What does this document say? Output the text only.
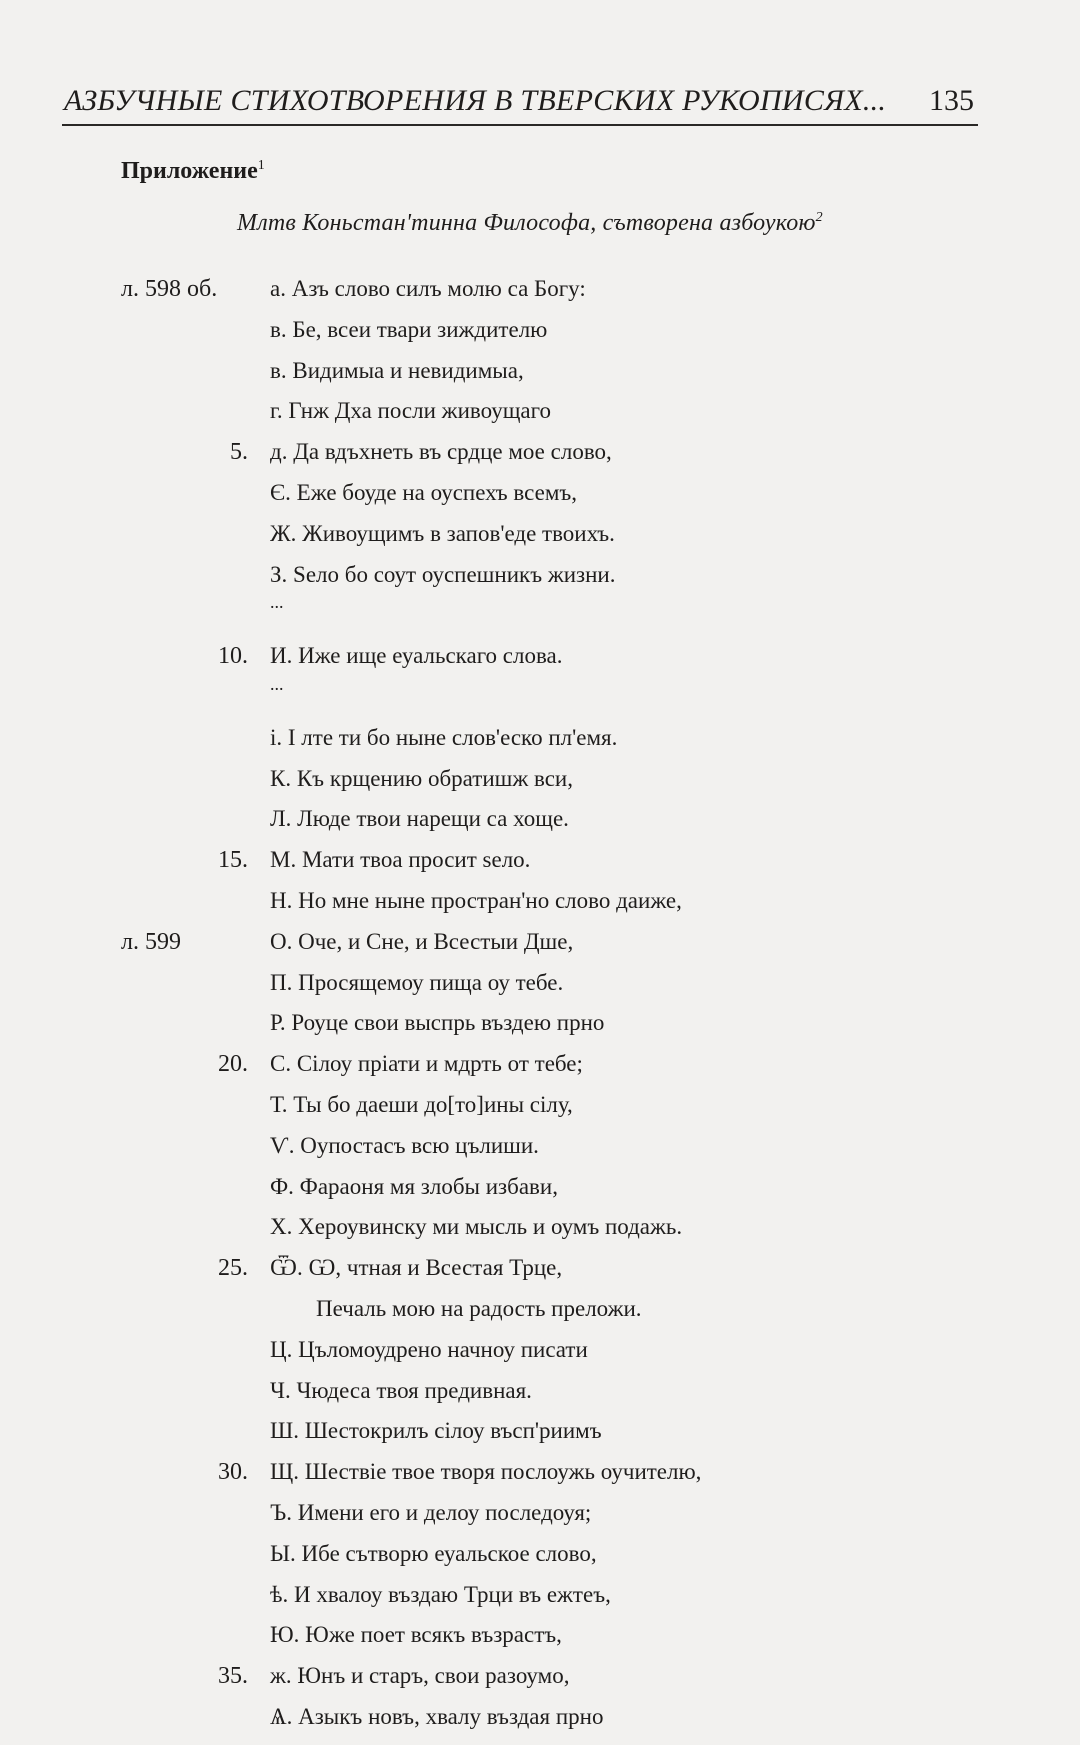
АЗБУЧНЫЕ СТИХОТВОРЕНИЯ В ТВЕРСКИХ РУКОПИСЯХ... 135
Приложение$^1$
Млтв Коньстан'тинна Философа, сътворена азбоукою$^2$
л. 598 об. а. Азъ слово силъ молю са Богу:
в. Бе, всеи твари зиждителю
в. Видимыа и невидимыа,
г. Гнж Дха посли живоущаго
5. д. Да вдъхнеть въ срдце мое слово,
Є. Еже боуде на оуспехъ всемъ,
Ж. Живоущимъ в запов'еде твоихъ.
З. Ѕело бо соут оуспешникъ жизни.
...
10. И. Иже ище еуальскаго слова.
...
і. І лте ти бо ныне слов'еско пл'емя.
К. Къ крщению обратишж вси,
Л. Люде твои нарещи са хоще.
15. М. Мати твоа просит ѕело.
Н. Но мне ныне простран'но слово даиже,
л. 599	О. Оче, и Сне, и Всестыи Дше,
П. Просящемоу пища оу тебе.
Р. Роуце свои выспрь въздею прно
20. С. Сілоу пріати и мдрть от тебе;
Т. Ты бо даеши до[то]ины сілу,
Ѵ. Оупостасъ всю цълиши.
Ф. Фараоня мя злобы избави,
Х. Хероувинску ми мысль и оумъ подажь.
25. Ѿ. Ѡ, чтная и Всестая Трце,
Печаль мою на радость преложи.
Ц. Цъломоудрено начноу писати
Ч. Чюдеса твоя предивная.
Ш. Шестокрилъ сілоу въсп'риимъ
30. Щ. Шествіе твое творя послоужь оучителю,
Ъ. Имени его и делоу последоуя;
Ы. Ибе сътворю еуальское слово,
ѣ. И хвалоу въздаю Трци въ ежтеъ,
Ю. Юже поет всякъ възрастъ,
35. ж. Юнъ и старъ, свои разоумо,
Ѧ. Азыкъ новъ, хвалу въздая прно
